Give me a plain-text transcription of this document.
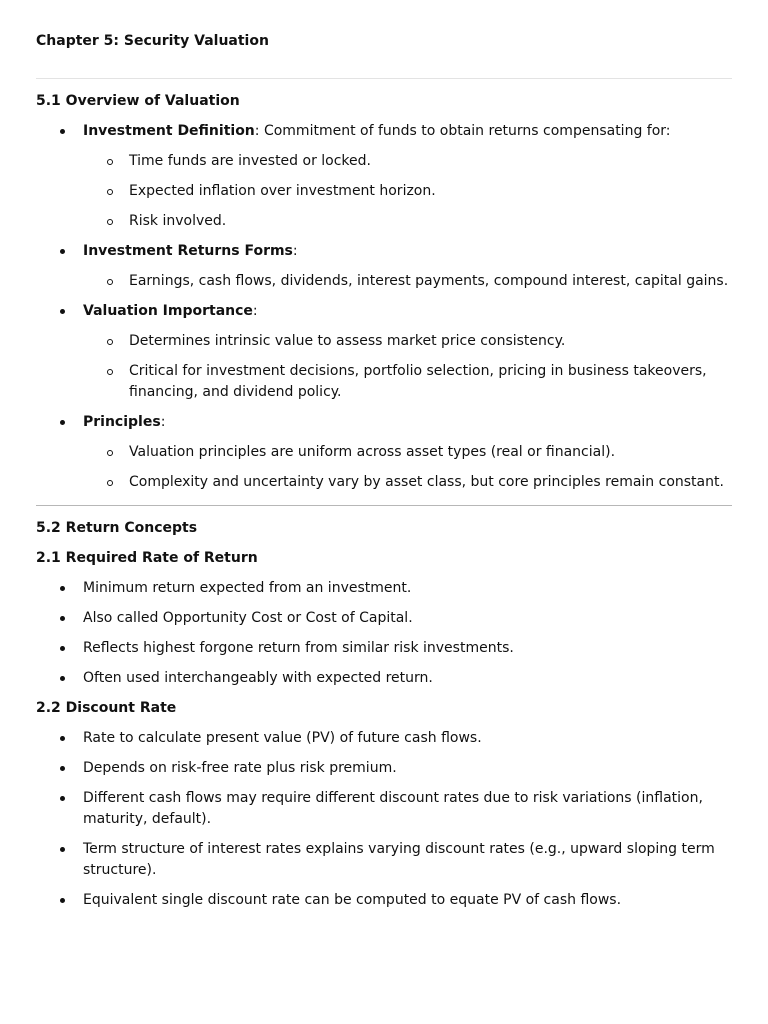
Chapter 5: Security Valuation
5.1 Overview of Valuation
Investment Definition: Commitment of funds to obtain returns compensating for:
Time funds are invested or locked.
Expected inflation over investment horizon.
Risk involved.
Investment Returns Forms:
Earnings, cash flows, dividends, interest payments, compound interest, capital gains.
Valuation Importance:
Determines intrinsic value to assess market price consistency.
Critical for investment decisions, portfolio selection, pricing in business takeovers, financing, and dividend policy.
Principles:
Valuation principles are uniform across asset types (real or financial).
Complexity and uncertainty vary by asset class, but core principles remain constant.
5.2 Return Concepts
2.1 Required Rate of Return
Minimum return expected from an investment.
Also called Opportunity Cost or Cost of Capital.
Reflects highest forgone return from similar risk investments.
Often used interchangeably with expected return.
2.2 Discount Rate
Rate to calculate present value (PV) of future cash flows.
Depends on risk-free rate plus risk premium.
Different cash flows may require different discount rates due to risk variations (inflation, maturity, default).
Term structure of interest rates explains varying discount rates (e.g., upward sloping term structure).
Equivalent single discount rate can be computed to equate PV of cash flows.
